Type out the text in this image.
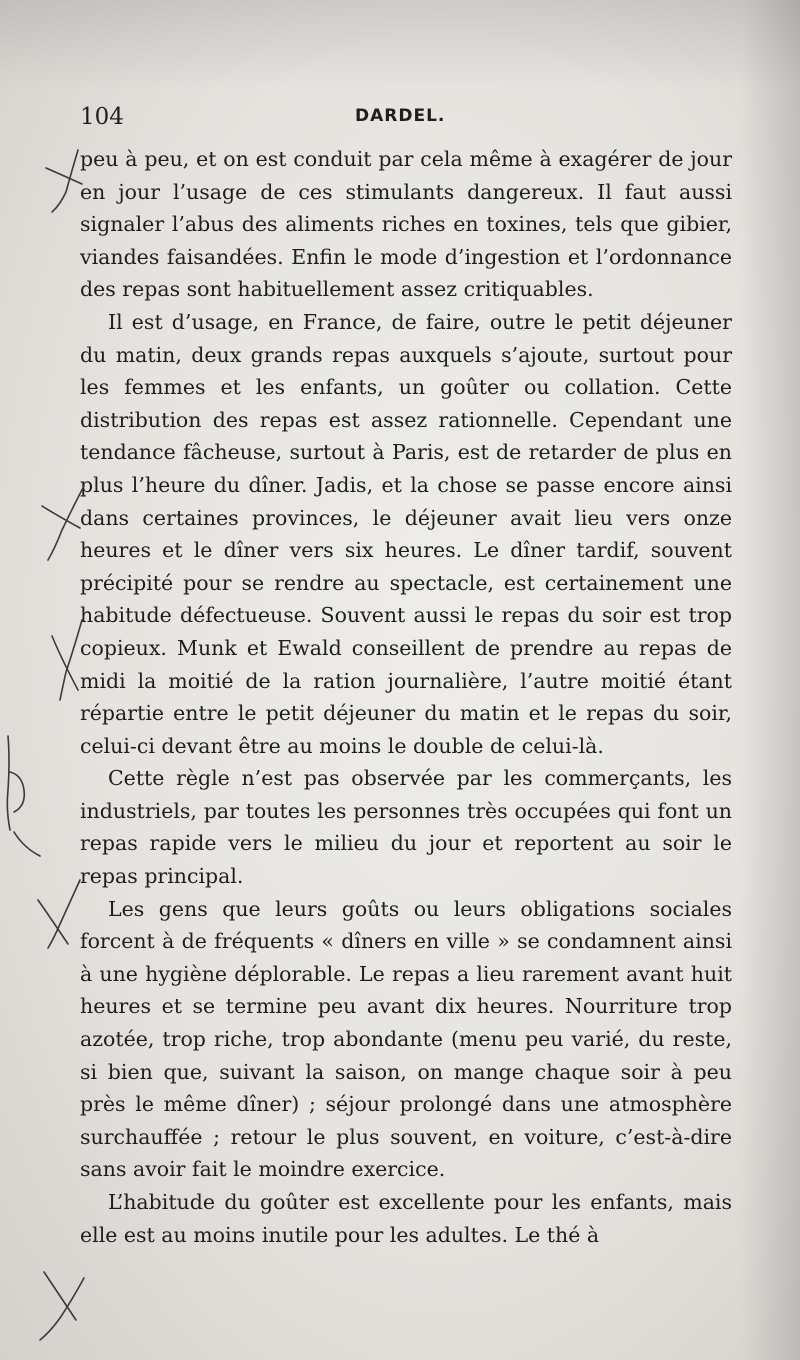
104	DARDEL.

peu à peu, et on est conduit par cela même à exagérer de jour en jour l’usage de ces stimulants dangereux. Il faut aussi signaler l’abus des aliments riches en toxines, tels que gibier, viandes faisandées. Enfin le mode d’ingestion et l’ordonnance des repas sont habituellement assez critiquables.

Il est d’usage, en France, de faire, outre le petit déjeuner du matin, deux grands repas auxquels s’ajoute, surtout pour les femmes et les enfants, un goûter ou collation. Cette distribution des repas est assez rationnelle. Cependant une tendance fâcheuse, surtout à Paris, est de retarder de plus en plus l’heure du dîner. Jadis, et la chose se passe encore ainsi dans certaines provinces, le déjeuner avait lieu vers onze heures et le dîner vers six heures. Le dîner tardif, souvent précipité pour se rendre au spectacle, est certainement une habitude défectueuse. Souvent aussi le repas du soir est trop copieux. Munk et Ewald conseillent de prendre au repas de midi la moitié de la ration journalière, l’autre moitié étant répartie entre le petit déjeuner du matin et le repas du soir, celui-ci devant être au moins le double de celui-là.

Cette règle n’est pas observée par les commerçants, les industriels, par toutes les personnes très occupées qui font un repas rapide vers le milieu du jour et reportent au soir le repas principal.

Les gens que leurs goûts ou leurs obligations sociales forcent à de fréquents « dîners en ville » se condamnent ainsi à une hygiène déplorable. Le repas a lieu rarement avant huit heures et se termine peu avant dix heures. Nourriture trop azotée, trop riche, trop abondante (menu peu varié, du reste, si bien que, suivant la saison, on mange chaque soir à peu près le même dîner) ; séjour prolongé dans une atmosphère surchauffée ; retour le plus souvent, en voiture, c’est-à-dire sans avoir fait le moindre exercice.

L’habitude du goûter est excellente pour les enfants, mais elle est au moins inutile pour les adultes. Le thé à
